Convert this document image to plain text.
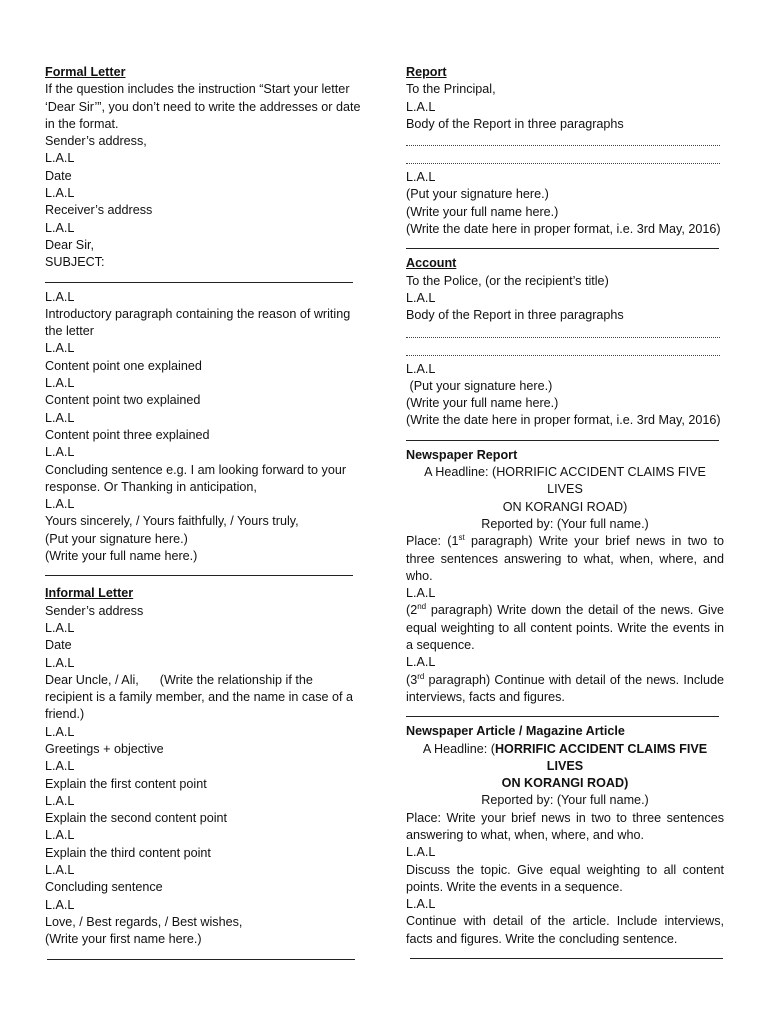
Formal Letter
If the question includes the instruction “Start your letter ‘Dear Sir’”, you don’t need to write the addresses or date in the format.
Sender’s address,
L.A.L
Date
L.A.L
Receiver’s address
L.A.L
Dear Sir,
SUBJECT:
L.A.L
Introductory paragraph containing the reason of writing the letter
L.A.L
Content point one explained
L.A.L
Content point two explained
L.A.L
Content point three explained
L.A.L
Concluding sentence e.g. I am looking forward to your response. Or Thanking in anticipation,
L.A.L
Yours sincerely, / Yours faithfully, / Yours truly,
(Put your signature here.)
(Write your full name here.)
Informal Letter
Sender’s address
L.A.L
Date
L.A.L
Dear Uncle, / Ali,      (Write the relationship if the recipient is a family member, and the name in case of a friend.)
L.A.L
Greetings + objective
L.A.L
Explain the first content point
L.A.L
Explain the second content point
L.A.L
Explain the third content point
L.A.L
Concluding sentence
L.A.L
Love, / Best regards, / Best wishes,
(Write your first name here.)
Report
To the Principal,
L.A.L
Body of the Report in three paragraphs
L.A.L
(Put your signature here.)
(Write your full name here.)
(Write the date here in proper format, i.e. 3rd May, 2016)
Account
To the Police, (or the recipient’s title)
L.A.L
Body of the Report in three paragraphs
L.A.L
(Put your signature here.)
(Write your full name here.)
(Write the date here in proper format, i.e. 3rd May, 2016)
Newspaper Report
A Headline: (HORRIFIC ACCIDENT CLAIMS FIVE LIVES
ON KORANGI ROAD)
Reported by: (Your full name.)
Place: (1st paragraph) Write your brief news in two to three sentences answering to what, when, where, and who.
L.A.L
(2nd paragraph) Write down the detail of the news. Give equal weighting to all content points. Write the events in a sequence.
L.A.L
(3rd paragraph) Continue with detail of the news. Include interviews, facts and figures.
Newspaper Article / Magazine Article
A Headline: (HORRIFIC ACCIDENT CLAIMS FIVE LIVES
ON KORANGI ROAD)
Reported by: (Your full name.)
Place: Write your brief news in two to three sentences answering to what, when, where, and who.
L.A.L
Discuss the topic. Give equal weighting to all content points. Write the events in a sequence.
L.A.L
Continue with detail of the article. Include interviews, facts and figures. Write the concluding sentence.
